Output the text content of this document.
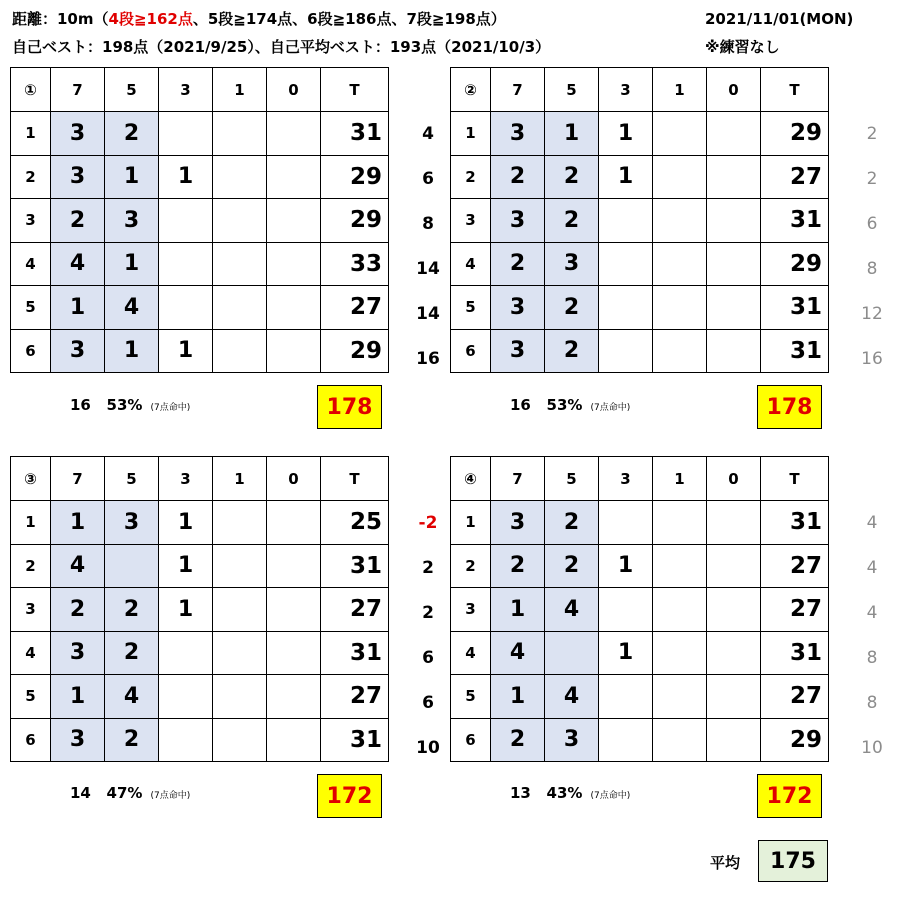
距離：10m（4段≧162点、5段≧174点、6段≧186点、7段≧198点）
自己ベスト：198点（2021/9/25）、自己平均ベスト：193点（2021/10/3）
2021/11/01(MON)
※練習なし
①	7	5	3	1	0	T
1	3	2				31
2	3	1	1			29
3	2	3				29
4	4	1				33
5	1	4				27
6	3	1	1			29
4
6
8
14
14
16
16 53% (7点命中)	178
②	7	5	3	1	0	T
1	3	1	1			29
2	2	2	1			27
3	3	2				31
4	2	3				29
5	3	2				31
6	3	2				31
2
2
6
8
12
16
16 53% (7点命中)	178
③	7	5	3	1	0	T
1	1	3	1			25
2	4		1			31
3	2	2	1			27
4	3	2				31
5	1	4				27
6	3	2				31
-2
2
2
6
6
10
14 47% (7点命中)	172
④	7	5	3	1	0	T
1	3	2				31
2	2	2	1			27
3	1	4				27
4	4		1			31
5	1	4				27
6	2	3				29
4
4
4
8
8
10
13 43% (7点命中)	172
平均	175
